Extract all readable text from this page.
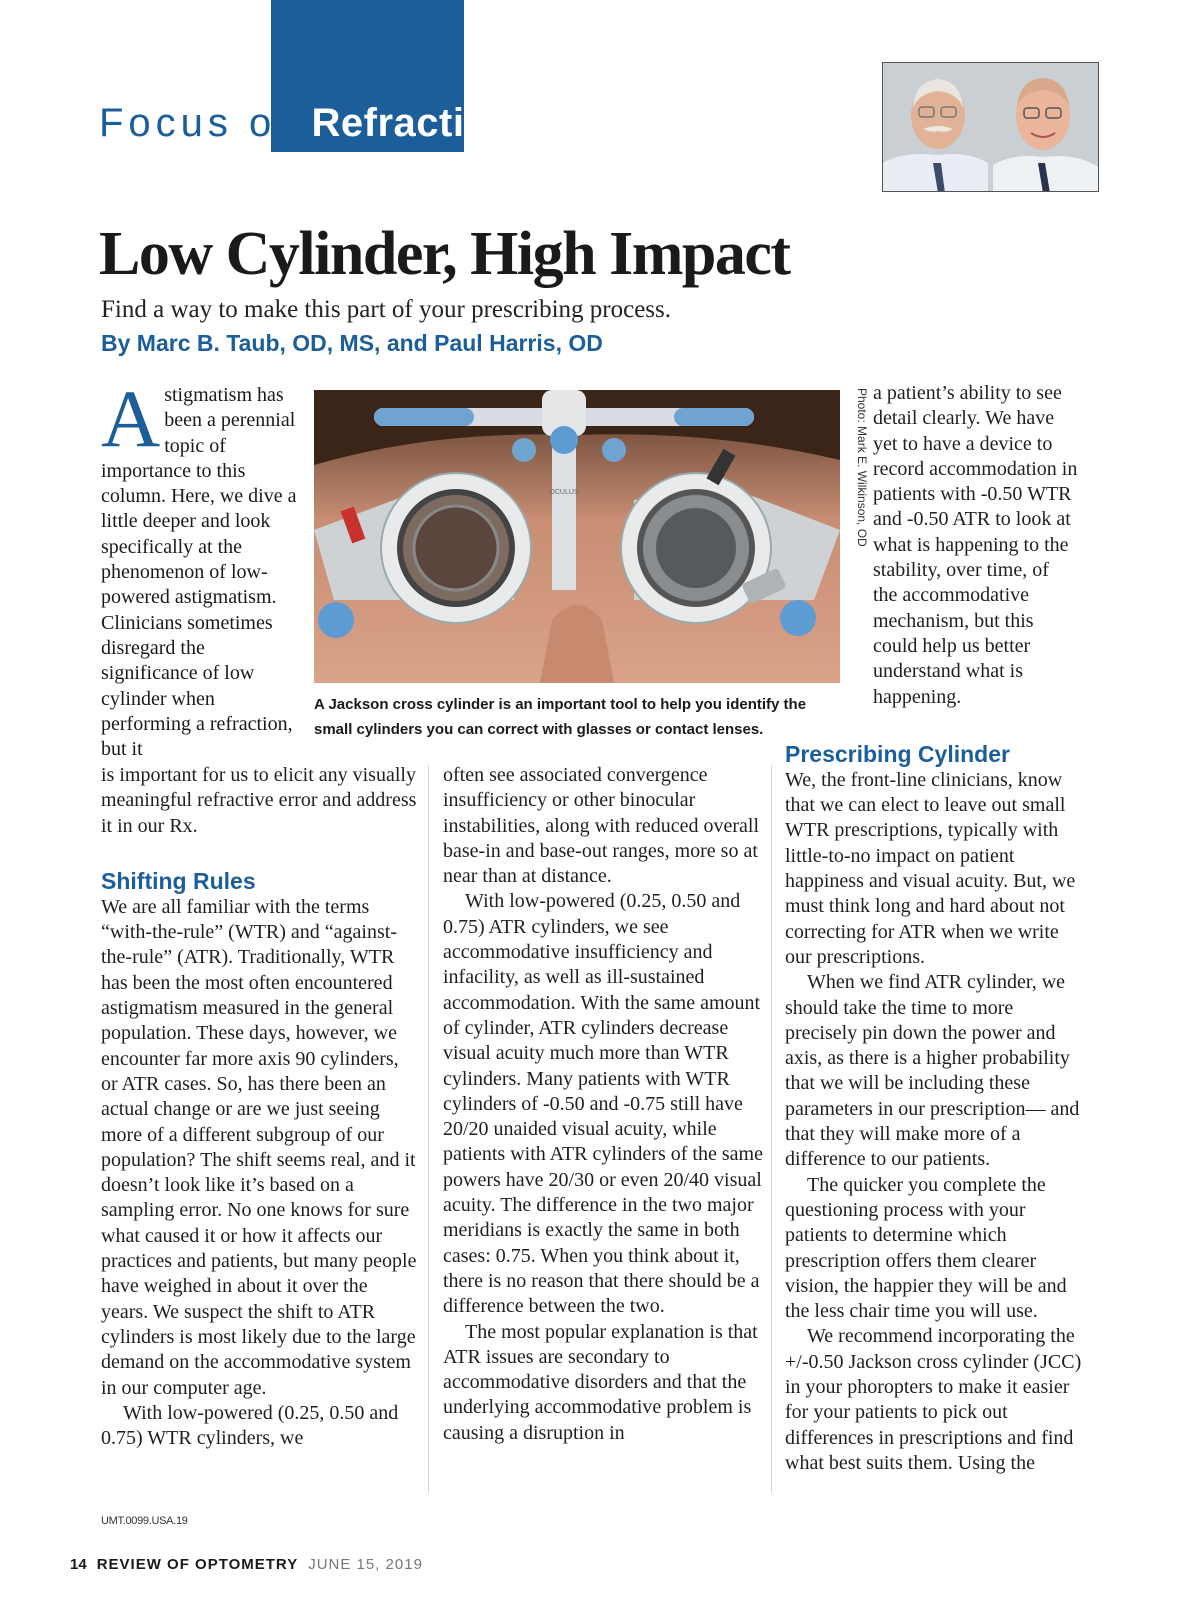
Focus on Refraction
Low Cylinder, High Impact
Find a way to make this part of your prescribing process.
By Marc B. Taub, OD, MS, and Paul Harris, OD
Astigmatism has been a perennial topic of importance to this column. Here, we dive a little deeper and look specifically at the phenomenon of low-powered astigmatism. Clinicians sometimes disregard the significance of low cylinder when performing a refraction, but it
OCULUS	Photo: Mark E. Wilkinson, OD
A Jackson cross cylinder is an important tool to help you identify the small cylinders you can correct with glasses or contact lenses.

is important for us to elicit any visually meaningful refractive error and address it in our Rx.

Shifting Rules

We are all familiar with the terms “with-the-rule” (WTR) and “against-the-rule” (ATR). Traditionally, WTR has been the most often encountered astigmatism measured in the general population. These days, however, we encounter far more axis 90 cylinders, or ATR cases. So, has there been an actual change or are we just seeing more of a different subgroup of our population? The shift seems real, and it doesn’t look like it’s based on a sampling error. No one knows for sure what caused it or how it affects our practices and patients, but many people have weighed in about it over the years. We suspect the shift to ATR cylinders is most likely due to the large demand on the accommodative system in our computer age.

With low-powered (0.25, 0.50 and 0.75) WTR cylinders, we

often see associated convergence insufficiency or other binocular instabilities, along with reduced overall base-in and base-out ranges, more so at near than at distance.

With low-powered (0.25, 0.50 and 0.75) ATR cylinders, we see accommodative insufficiency and infacility, as well as ill-sustained accommodation. With the same amount of cylinder, ATR cylinders decrease visual acuity much more than WTR cylinders. Many patients with WTR cylinders of -0.50 and -0.75 still have 20/20 unaided visual acuity, while patients with ATR cylinders of the same powers have 20/30 or even 20/40 visual acuity. The difference in the two major meridians is exactly the same in both cases: 0.75. When you think about it, there is no reason that there should be a difference between the two.

The most popular explanation is that ATR issues are secondary to accommodative disorders and that the underlying accommodative problem is causing a disruption in

a patient’s ability to see detail clearly. We have yet to have a device to record accommodation in patients with -0.50 WTR and -0.50 ATR to look at what is happening to the stability, over time, of the accommodative mechanism, but this could help us better understand what is happening.

Prescribing Cylinder

We, the front-line clinicians, know that we can elect to leave out small WTR prescriptions, typically with little-to-no impact on patient happiness and visual acuity. But, we must think long and hard about not correcting for ATR when we write our prescriptions.

When we find ATR cylinder, we should take the time to more precisely pin down the power and axis, as there is a higher probability that we will be including these parameters in our prescription— and that they will make more of a difference to our patients.

The quicker you complete the questioning process with your patients to determine which prescription offers them clearer vision, the happier they will be and the less chair time you will use.

We recommend incorporating the +/-0.50 Jackson cross cylinder (JCC) in your phoropters to make it easier for your patients to pick out differences in prescriptions and find what best suits them. Using the

UMT.0099.USA.19
14 REVIEW OF OPTOMETRY JUNE 15, 2019
